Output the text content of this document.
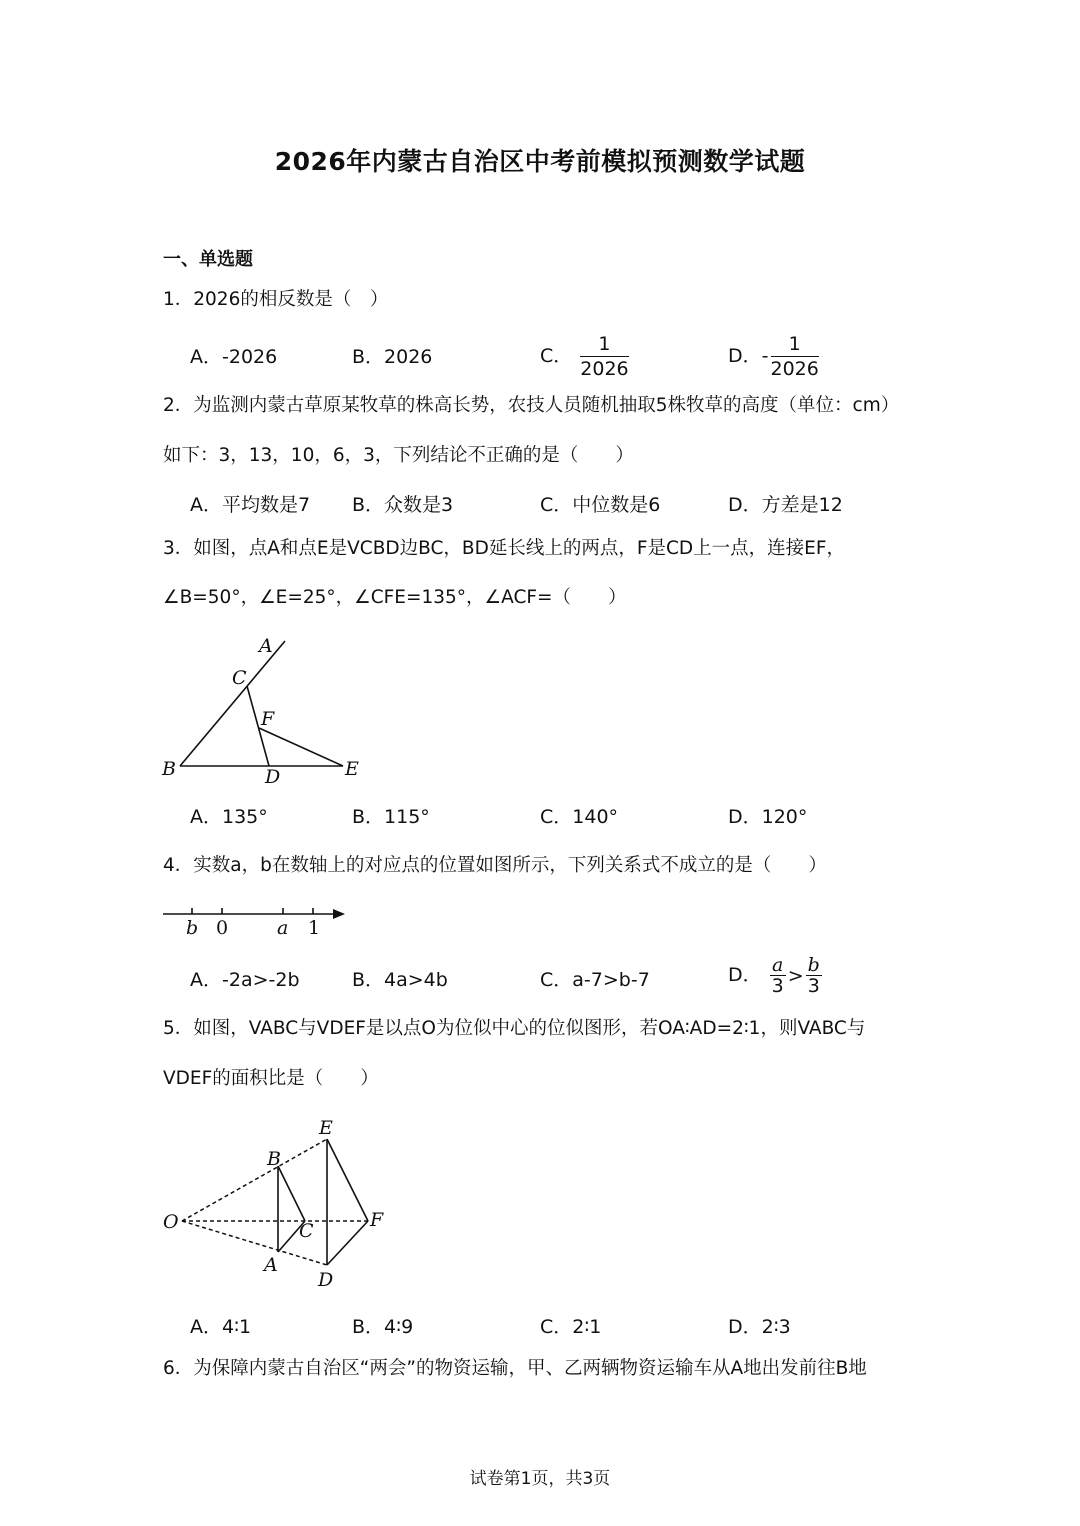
2026年内蒙古自治区中考前模拟预测数学试题
一、单选题
1．2026的相反数是（　）
A．-2026	B．2026	C． $\frac{1}{2026}$	D．- $\frac{1}{2026}$
2．为监测内蒙古草原某牧草的株高长势，农技人员随机抽取5株牧草的高度（单位：cm）
如下：3，13，10，6，3，下列结论不正确的是（　　）
A．平均数是7 B．众数是3	C．中位数是6	D．方差是12
3．如图，点A和点E是VCBD边BC，BD延长线上的两点，F是CD上一点，连接EF，
∠B=50°，∠E=25°，∠CFE=135°，∠ACF=（　　）
A
C
F
B	D	E
A．135°	B．115°	C．140°	D．120°
4．实数a，b在数轴上的对应点的位置如图所示，下列关系式不成立的是（　　）
b 0	a 1
A．-2a>-2b	B．4a>4b	C．a-7>b-7	D． $\frac{a}{3} > \frac{b}{3}$
5．如图，VABC与VDEF是以点O为位似中心的位似图形，若OA∶AD=2∶1，则VABC与
VDEF的面积比是（　　）
E
B
O	C	F
A
D
A．4∶1	B．4∶9	C．2∶1	D．2∶3
6．为保障内蒙古自治区“两会”的物资运输，甲、乙两辆物资运输车从A地出发前往B地
试卷第1页，共3页
